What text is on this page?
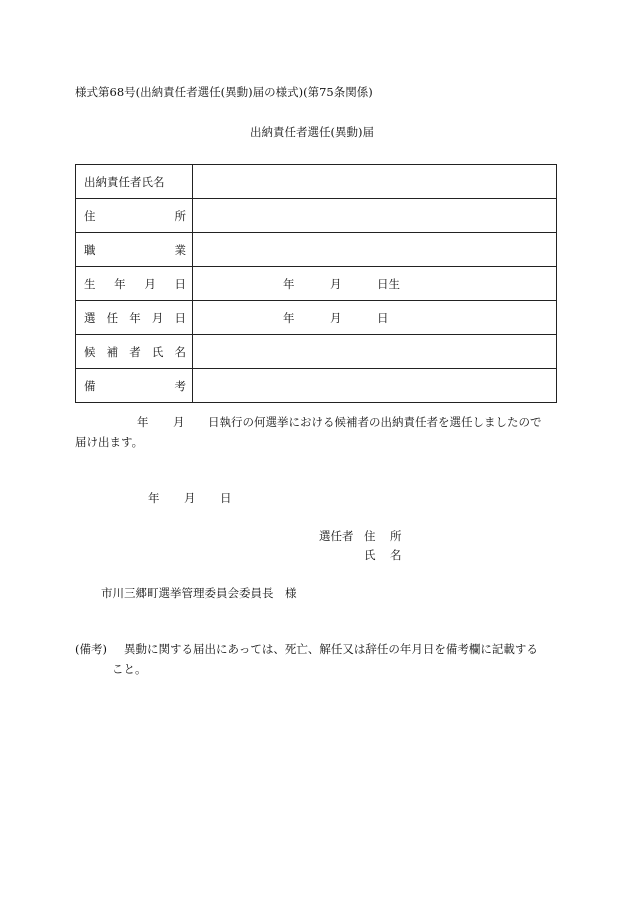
様式第68号(出納責任者選任(異動)届の様式)(第75条関係)
出納責任者選任(異動)届
出納責任者氏名	

住 所	

職 業	

生 年 月 日	年 月 日生

選 任 年 月 日	年 月 日

候 補 者 氏 名	

備 考	

年 月 日執行の何選挙における候補者の出納責任者を選任しましたので
届け出ます。
年 月 日
選任者 住 所
氏 名
市川三郷町選挙管理委員会委員長　様
(備考) 異動に関する届出にあっては、死亡、解任又は辞任の年月日を備考欄に記載する
こと。
